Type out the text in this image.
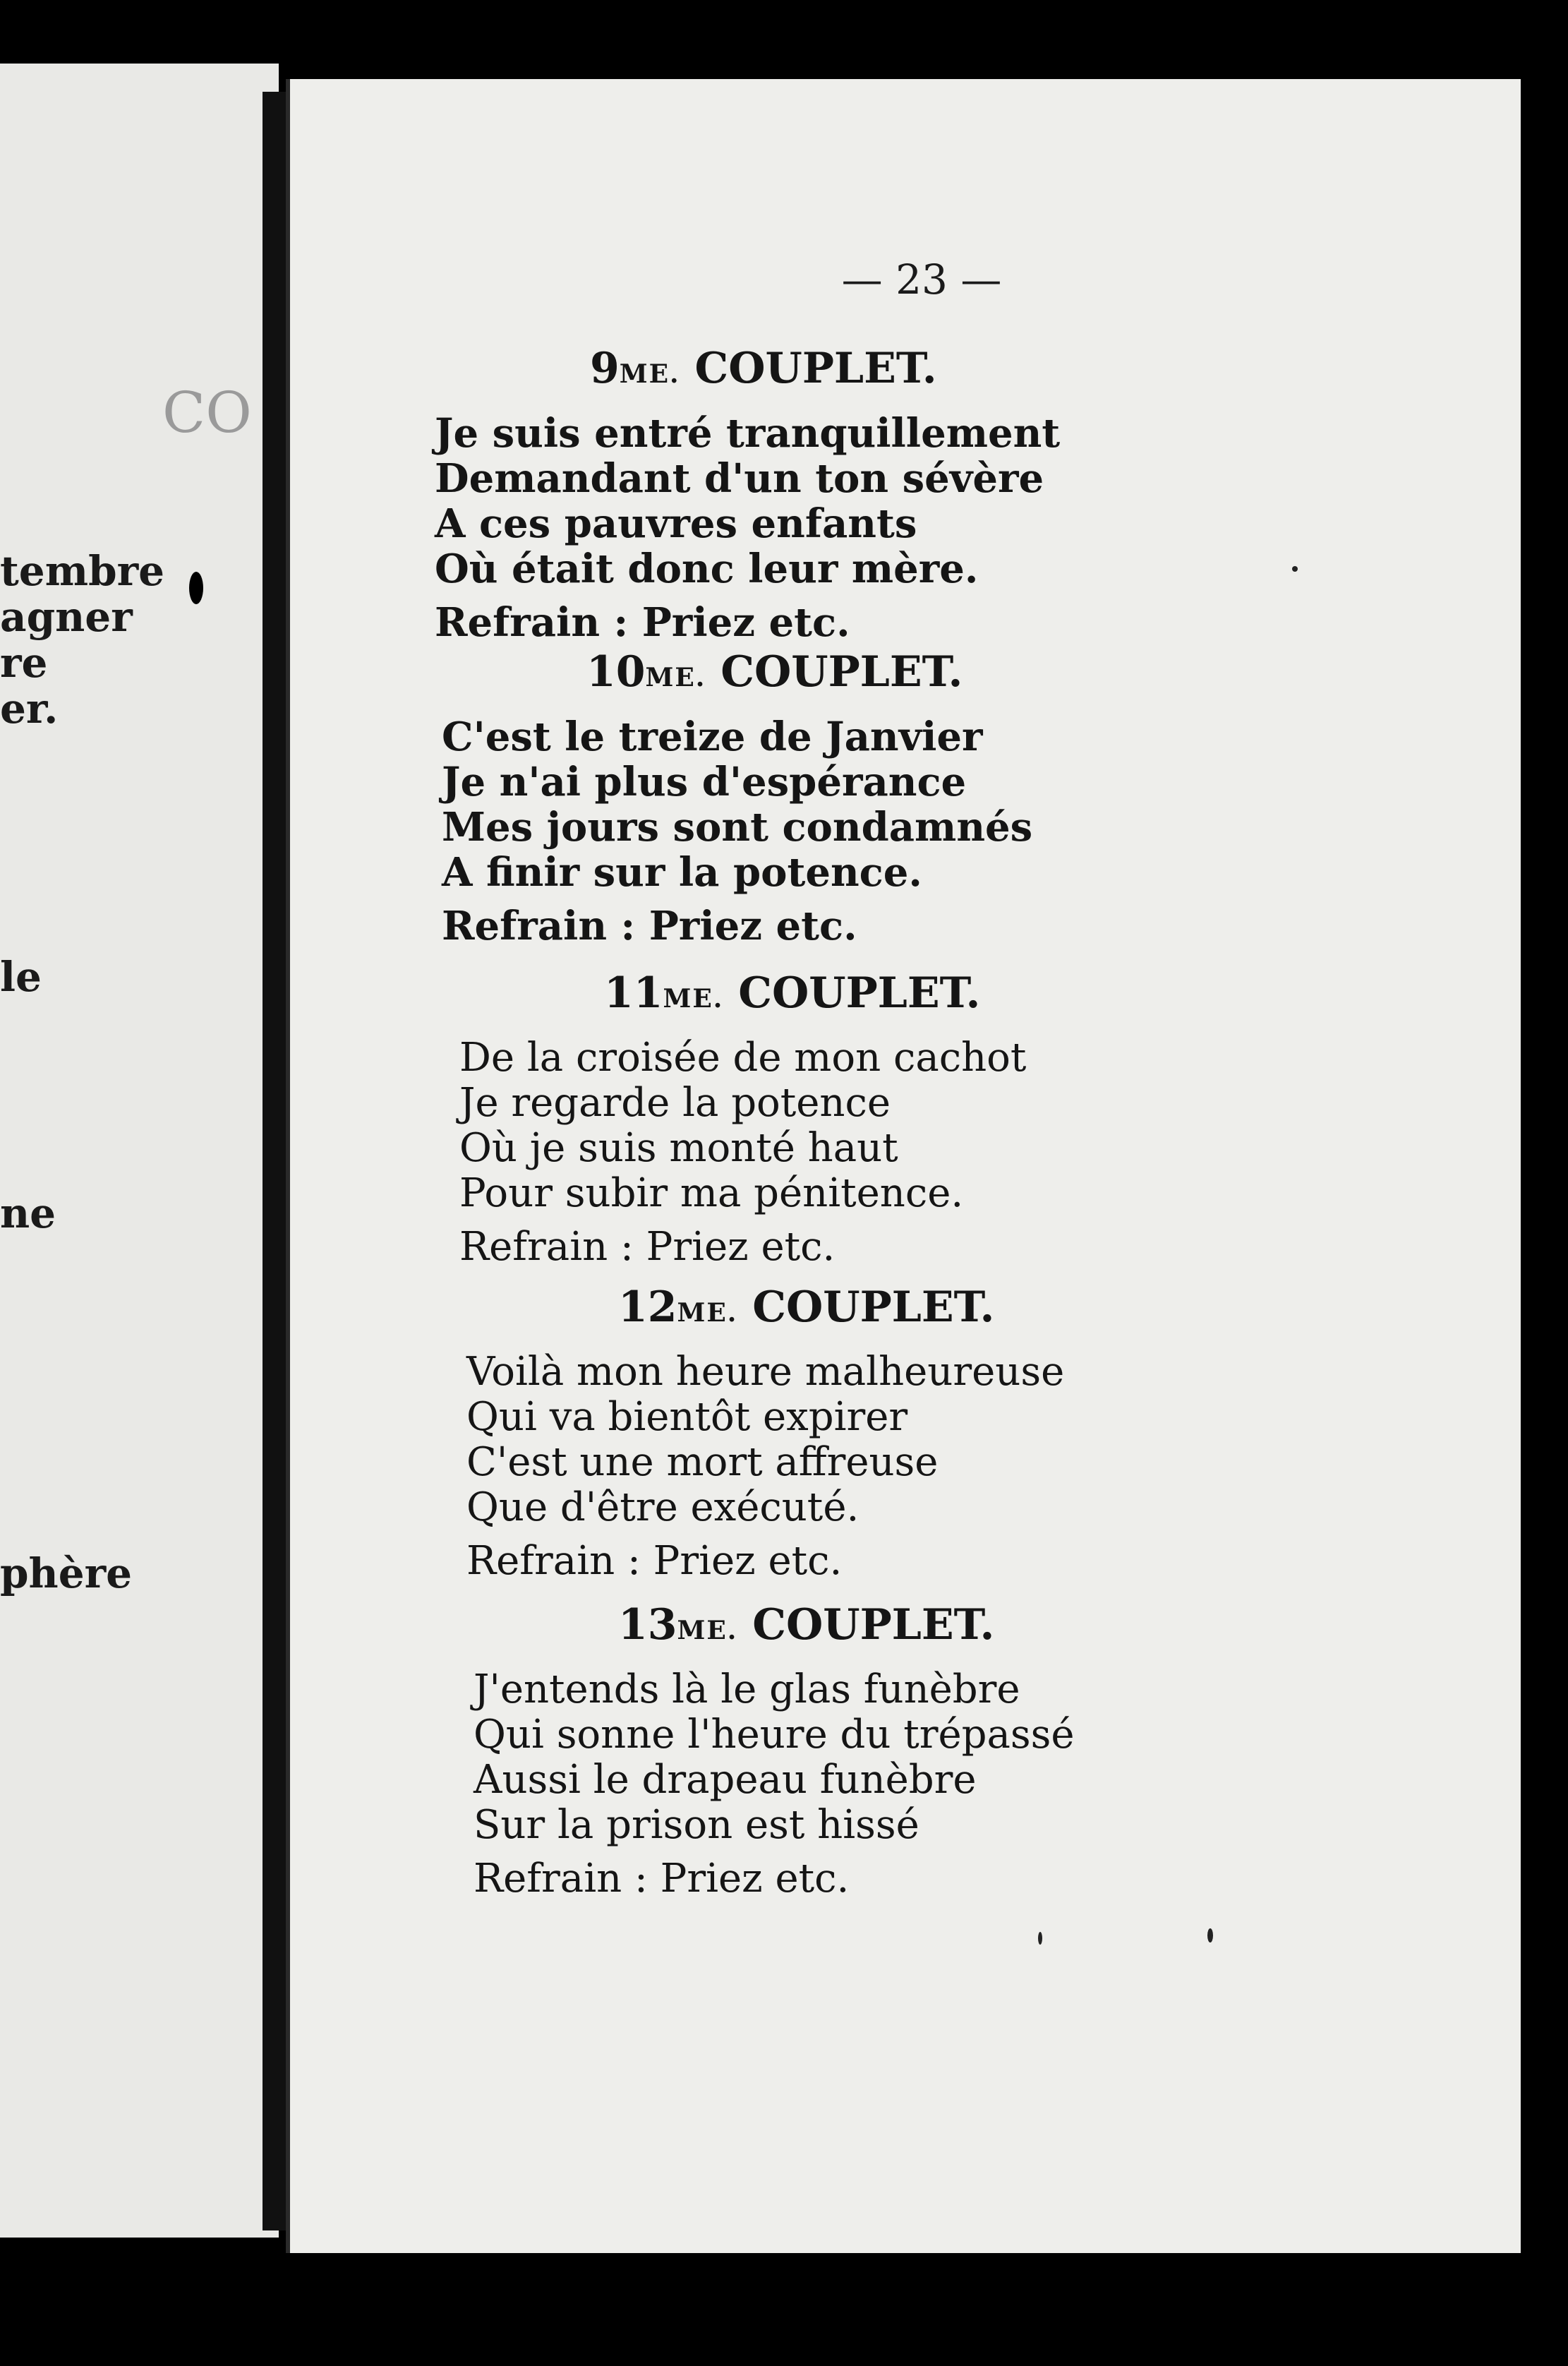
CO
tembre
agner
re
er.
le
ne
phère
— 23 —
9ME. COUPLET.
Je suis entré tranquillement
Demandant d'un ton sévère
A ces pauvres enfants
Où était donc leur mère.
Refrain : Priez etc.
10ME. COUPLET.
C'est le treize de Janvier
Je n'ai plus d'espérance
Mes jours sont condamnés
A finir sur la potence.
Refrain : Priez etc.
11ME. COUPLET.
De la croisée de mon cachot
Je regarde la potence
Où je suis monté haut
Pour subir ma pénitence.
Refrain : Priez etc.
12ME. COUPLET.
Voilà mon heure malheureuse
Qui va bientôt expirer
C'est une mort affreuse
Que d'être exécuté.
Refrain : Priez etc.
13ME. COUPLET.
J'entends là le glas funèbre
Qui sonne l'heure du trépassé
Aussi le drapeau funèbre
Sur la prison est hissé
Refrain : Priez etc.
